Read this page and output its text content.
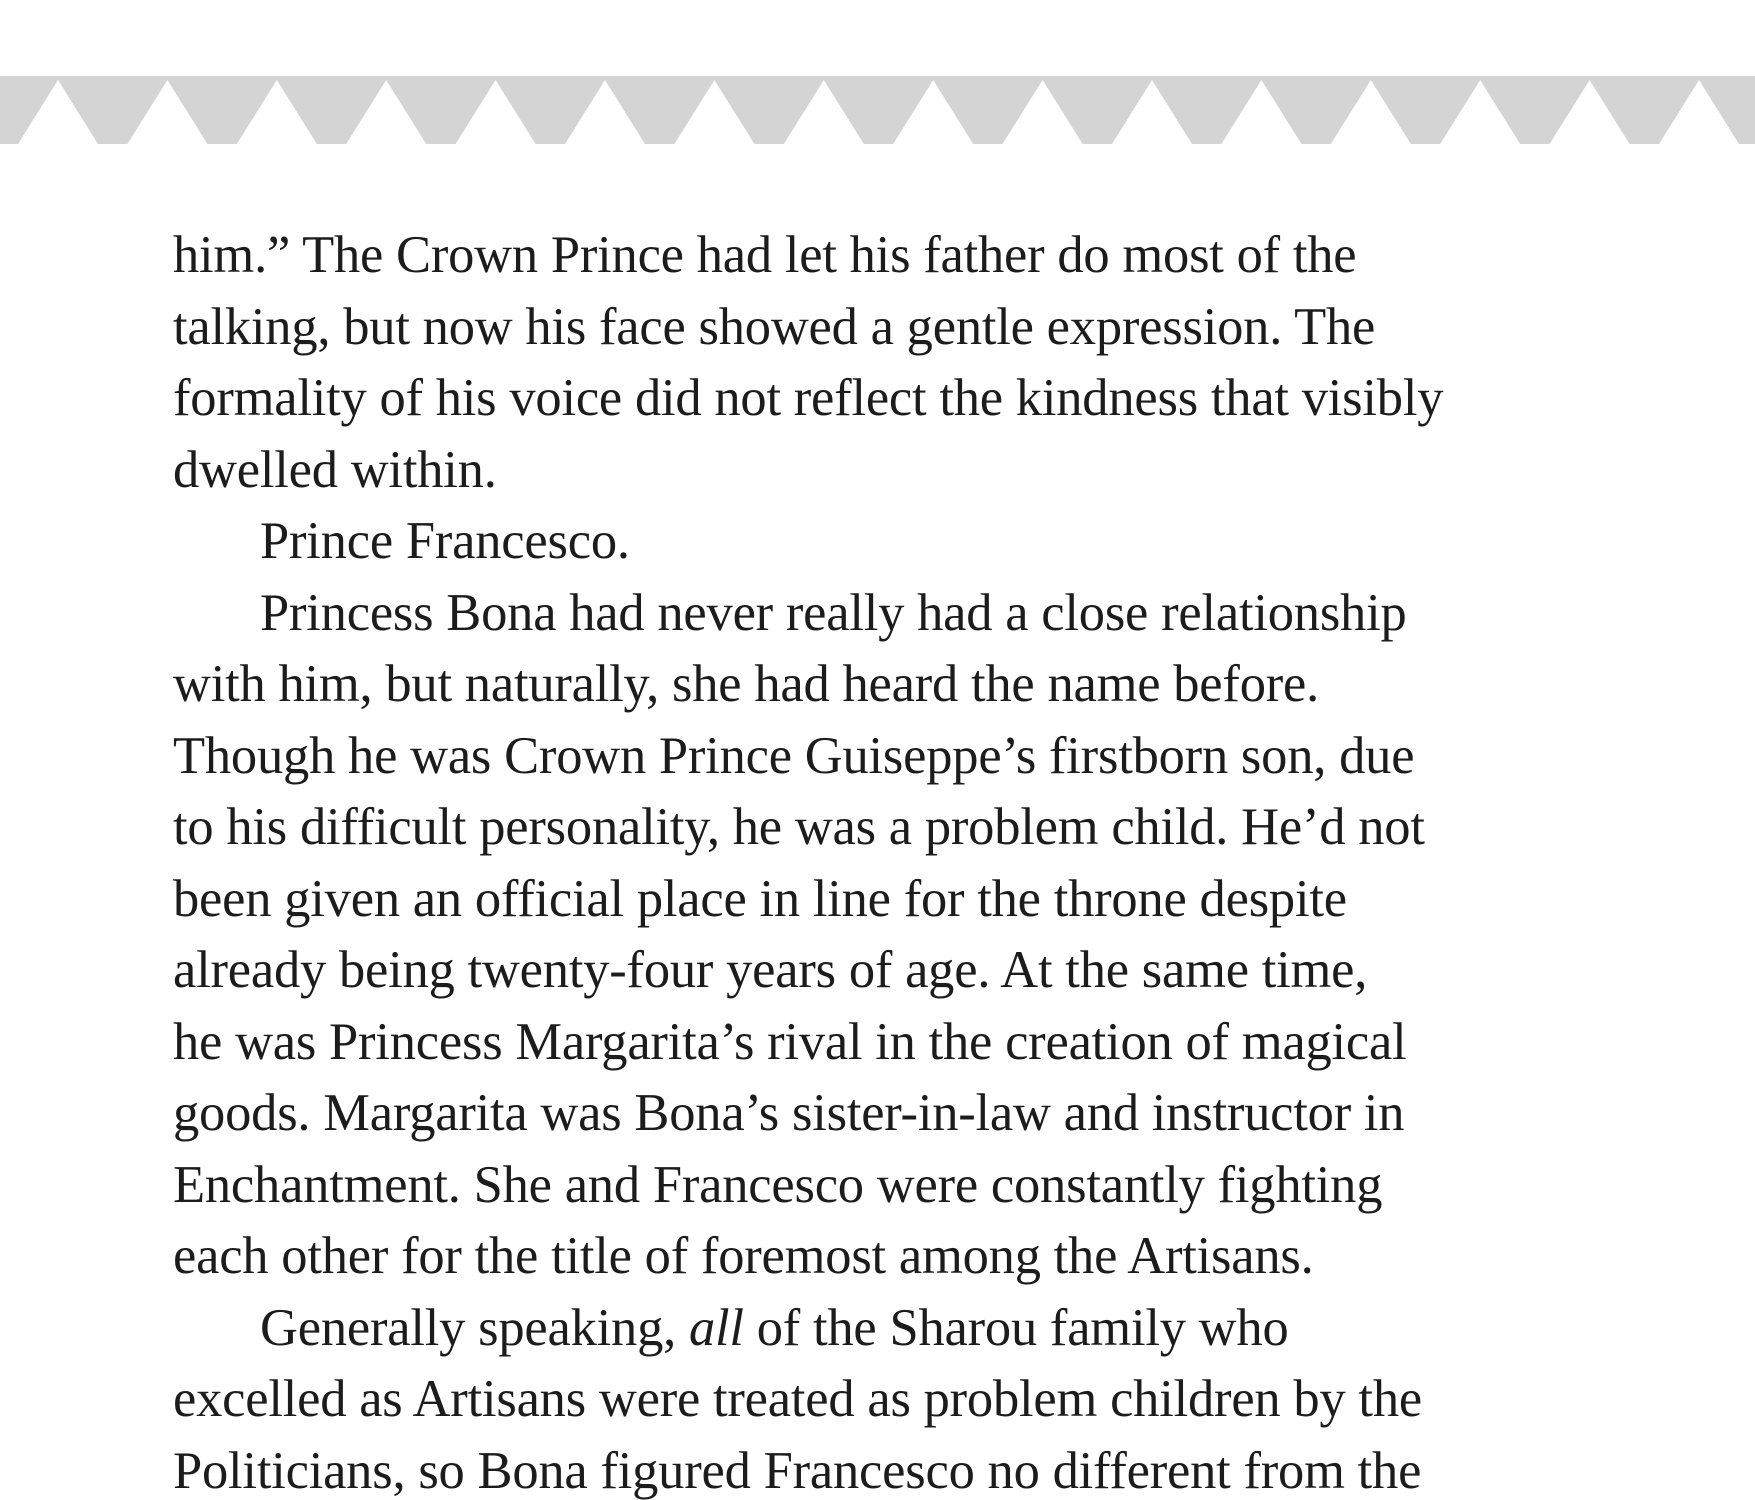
him.” The Crown Prince had let his father do most of the
talking, but now his face showed a gentle expression. The
formality of his voice did not reflect the kindness that visibly
dwelled within.
Prince Francesco.
Princess Bona had never really had a close relationship
with him, but naturally, she had heard the name before.
Though he was Crown Prince Guiseppe’s firstborn son, due
to his difficult personality, he was a problem child. He’d not
been given an official place in line for the throne despite
already being twenty-four years of age. At the same time,
he was Princess Margarita’s rival in the creation of magical
goods. Margarita was Bona’s sister-in-law and instructor in
Enchantment. She and Francesco were constantly fighting
each other for the title of foremost among the Artisans.
Generally speaking, all of the Sharou family who
excelled as Artisans were treated as problem children by the
Politicians, so Bona figured Francesco no different from the
